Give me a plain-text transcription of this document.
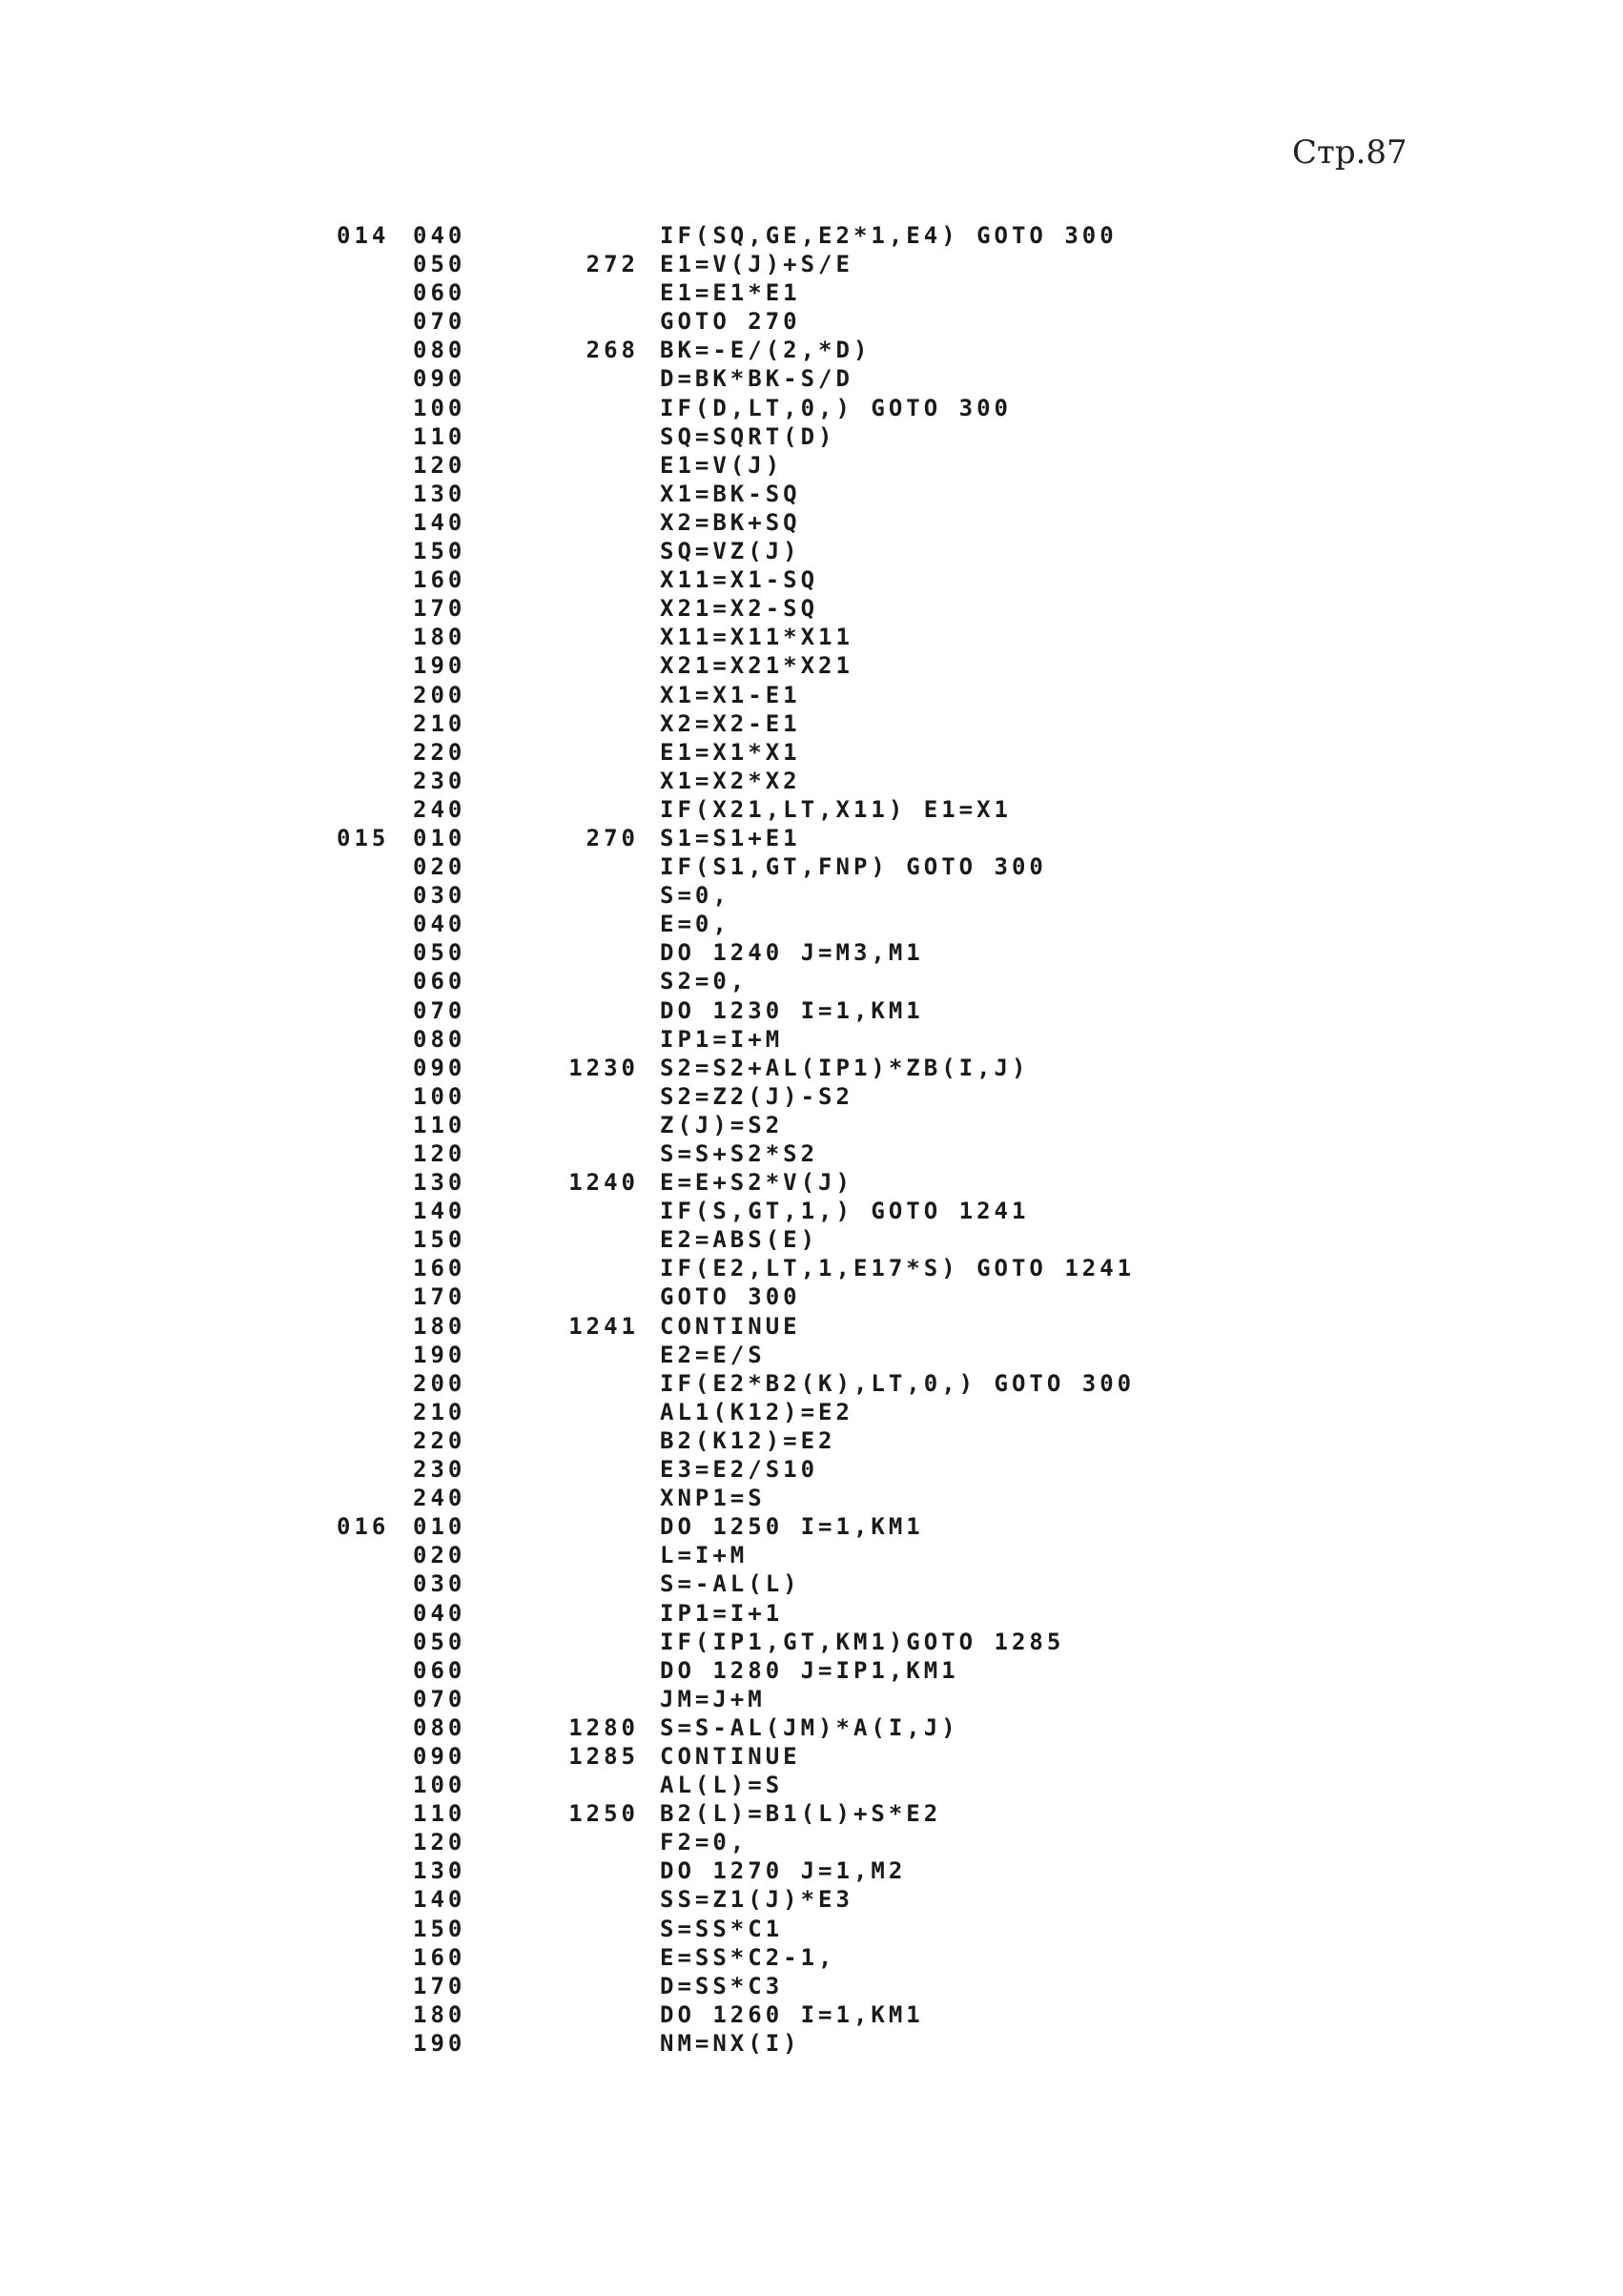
Стр.87
014 040	IF(SQ,GE,E2*1,E4) GOTO 300
050	272 E1=V(J)+S/E
060	E1=E1*E1
070	GOTO 270
080	268 BK=-E/(2,*D)
090	D=BK*BK-S/D
100	IF(D,LT,0,) GOTO 300
110	SQ=SQRT(D)
120	E1=V(J)
130	X1=BK-SQ
140	X2=BK+SQ
150	SQ=VZ(J)
160	X11=X1-SQ
170	X21=X2-SQ
180	X11=X11*X11
190	X21=X21*X21
200	X1=X1-E1
210	X2=X2-E1
220	E1=X1*X1
230	X1=X2*X2
240	IF(X21,LT,X11) E1=X1
015 010	270 S1=S1+E1
020	IF(S1,GT,FNP) GOTO 300
030	S=0,
040	E=0,
050	DO 1240 J=M3,M1
060	S2=0,
070	DO 1230 I=1,KM1
080	IP1=I+M
090	1230 S2=S2+AL(IP1)*ZB(I,J)
100	S2=Z2(J)-S2
110	Z(J)=S2
120	S=S+S2*S2
130	1240 E=E+S2*V(J)
140	IF(S,GT,1,) GOTO 1241
150	E2=ABS(E)
160	IF(E2,LT,1,E17*S) GOTO 1241
170	GOTO 300
180	1241 CONTINUE
190	E2=E/S
200	IF(E2*B2(K),LT,0,) GOTO 300
210	AL1(K12)=E2
220	B2(K12)=E2
230	E3=E2/S10
240	XNP1=S
016 010	DO 1250 I=1,KM1
020	L=I+M
030	S=-AL(L)
040	IP1=I+1
050	IF(IP1,GT,KM1)GOTO 1285
060	DO 1280 J=IP1,KM1
070	JM=J+M
080	1280 S=S-AL(JM)*A(I,J)
090	1285 CONTINUE
100	AL(L)=S
110	1250 B2(L)=B1(L)+S*E2
120	F2=0,
130	DO 1270 J=1,M2
140	SS=Z1(J)*E3
150	S=SS*C1
160	E=SS*C2-1,
170	D=SS*C3
180	DO 1260 I=1,KM1
190	NM=NX(I)
